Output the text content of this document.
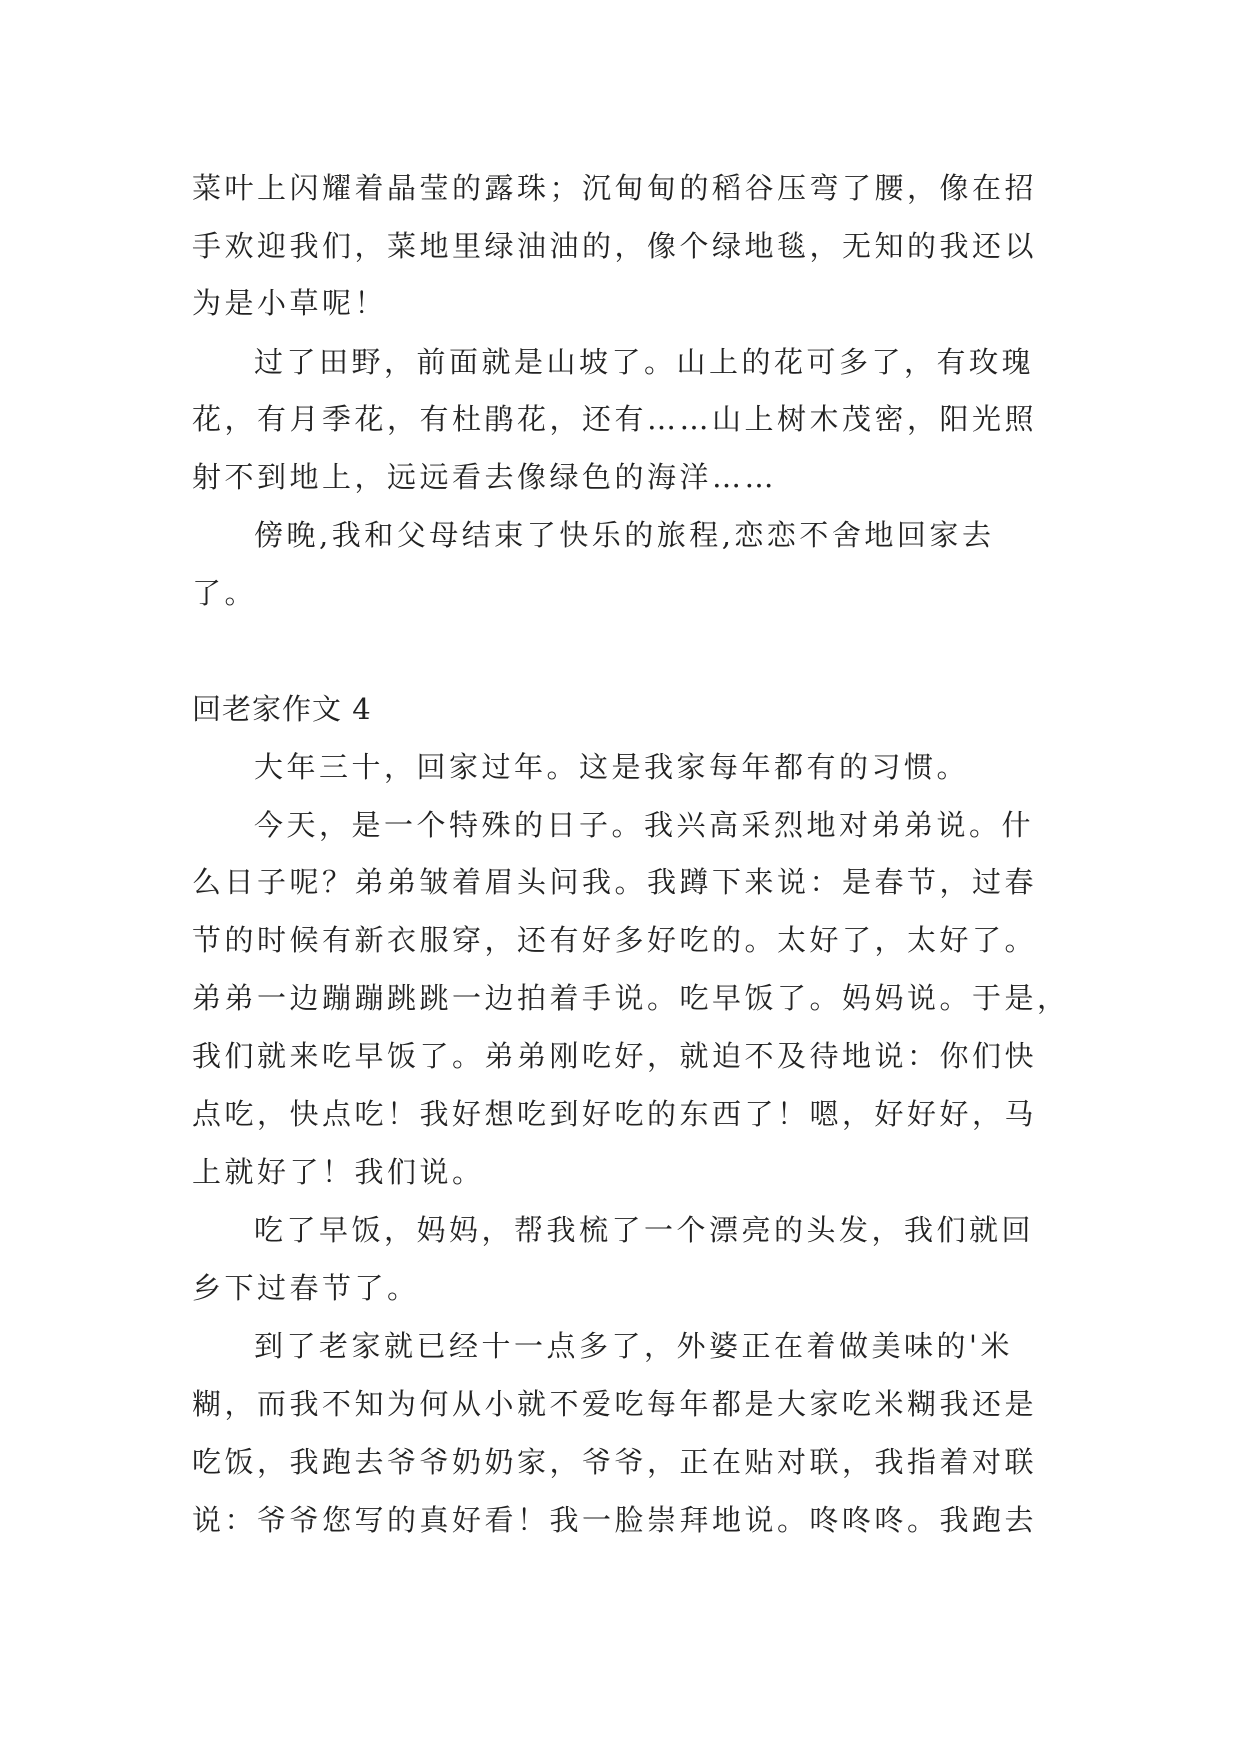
菜叶上闪耀着晶莹的露珠；沉甸甸的稻谷压弯了腰，像在招

手欢迎我们，菜地里绿油油的，像个绿地毯，无知的我还以

为是小草呢！

过了田野，前面就是山坡了。山上的花可多了，有玫瑰

花，有月季花，有杜鹃花，还有……山上树木茂密，阳光照

射不到地上，远远看去像绿色的海洋……

傍晚,我和父母结束了快乐的旅程,恋恋不舍地回家去

了。

回老家作文 4

大年三十，回家过年。这是我家每年都有的习惯。

今天，是一个特殊的日子。我兴高采烈地对弟弟说。什

么日子呢？弟弟皱着眉头问我。我蹲下来说：是春节，过春

节的时候有新衣服穿，还有好多好吃的。太好了，太好了。

弟弟一边蹦蹦跳跳一边拍着手说。吃早饭了。妈妈说。于是，

我们就来吃早饭了。弟弟刚吃好，就迫不及待地说：你们快

点吃，快点吃！我好想吃到好吃的东西了！嗯，好好好，马

上就好了！我们说。

吃了早饭，妈妈，帮我梳了一个漂亮的头发，我们就回

乡下过春节了。

到了老家就已经十一点多了，外婆正在着做美味的'米

糊，而我不知为何从小就不爱吃每年都是大家吃米糊我还是

吃饭，我跑去爷爷奶奶家，爷爷，正在贴对联，我指着对联

说：爷爷您写的真好看！我一脸崇拜地说。咚咚咚。我跑去
